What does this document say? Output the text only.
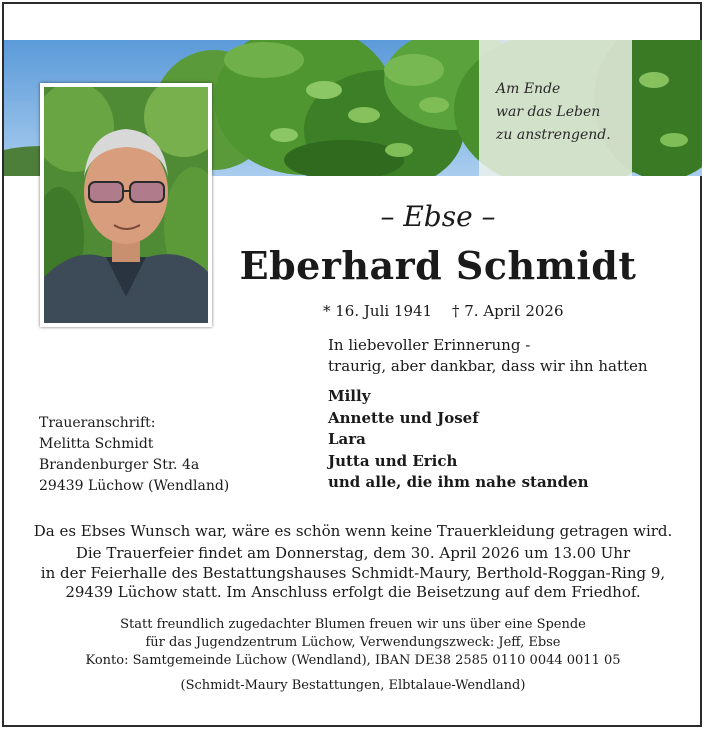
Am Ende
war das Leben
zu anstrengend.
– Ebse –
Eberhard Schmidt
* 16. Juli 1941 † 7. April 2026
In liebevoller Erinnerung -
traurig, aber dankbar, dass wir ihn hatten
Milly
Annette und Josef
Lara
Jutta und Erich
und alle, die ihm nahe standen
Traueranschrift:
Melitta Schmidt
Brandenburger Str. 4a
29439 Lüchow (Wendland)
Da es Ebses Wunsch war, wäre es schön wenn keine Trauerkleidung getragen wird.
Die Trauerfeier findet am Donnerstag, dem 30. April 2026 um 13.00 Uhr
in der Feierhalle des Bestattungshauses Schmidt-Maury, Berthold-Roggan-Ring 9,
29439 Lüchow statt. Im Anschluss erfolgt die Beisetzung auf dem Friedhof.
Statt freundlich zugedachter Blumen freuen wir uns über eine Spende
für das Jugendzentrum Lüchow, Verwendungszweck: Jeff, Ebse
Konto: Samtgemeinde Lüchow (Wendland), IBAN DE38 2585 0110 0044 0011 05
(Schmidt-Maury Bestattungen, Elbtalaue-Wendland)
